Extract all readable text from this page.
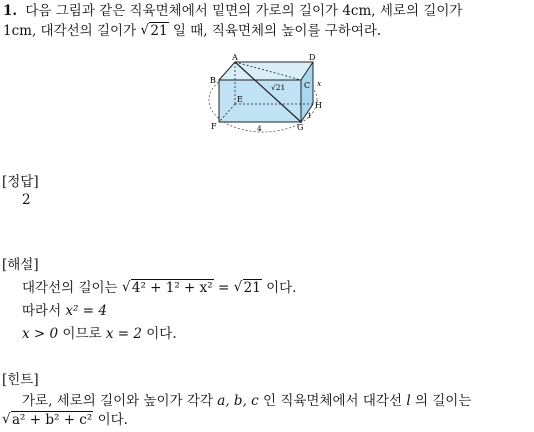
1. 다음 그림과 같은 직육면체에서 밑면의 가로의 길이가 4cm, 세로의 길이가
1cm, 대각선의 길이가 √ 21 일 때, 직육면체의 높이를 구하여라.
A	D
B
C
E
H
F	G
√21	x
1
4
[정답]
2
[해설]
대각선의 길이는 √ 4² + 1² + x² = √ 21 이다.
따라서 x² = 4
x > 0 이므로 x = 2 이다.
[힌트]
가로, 세로의 길이와 높이가 각각 a, b, c 인 직육면체에서 대각선 l 의 길이는
√ a² + b² + c² 이다.
